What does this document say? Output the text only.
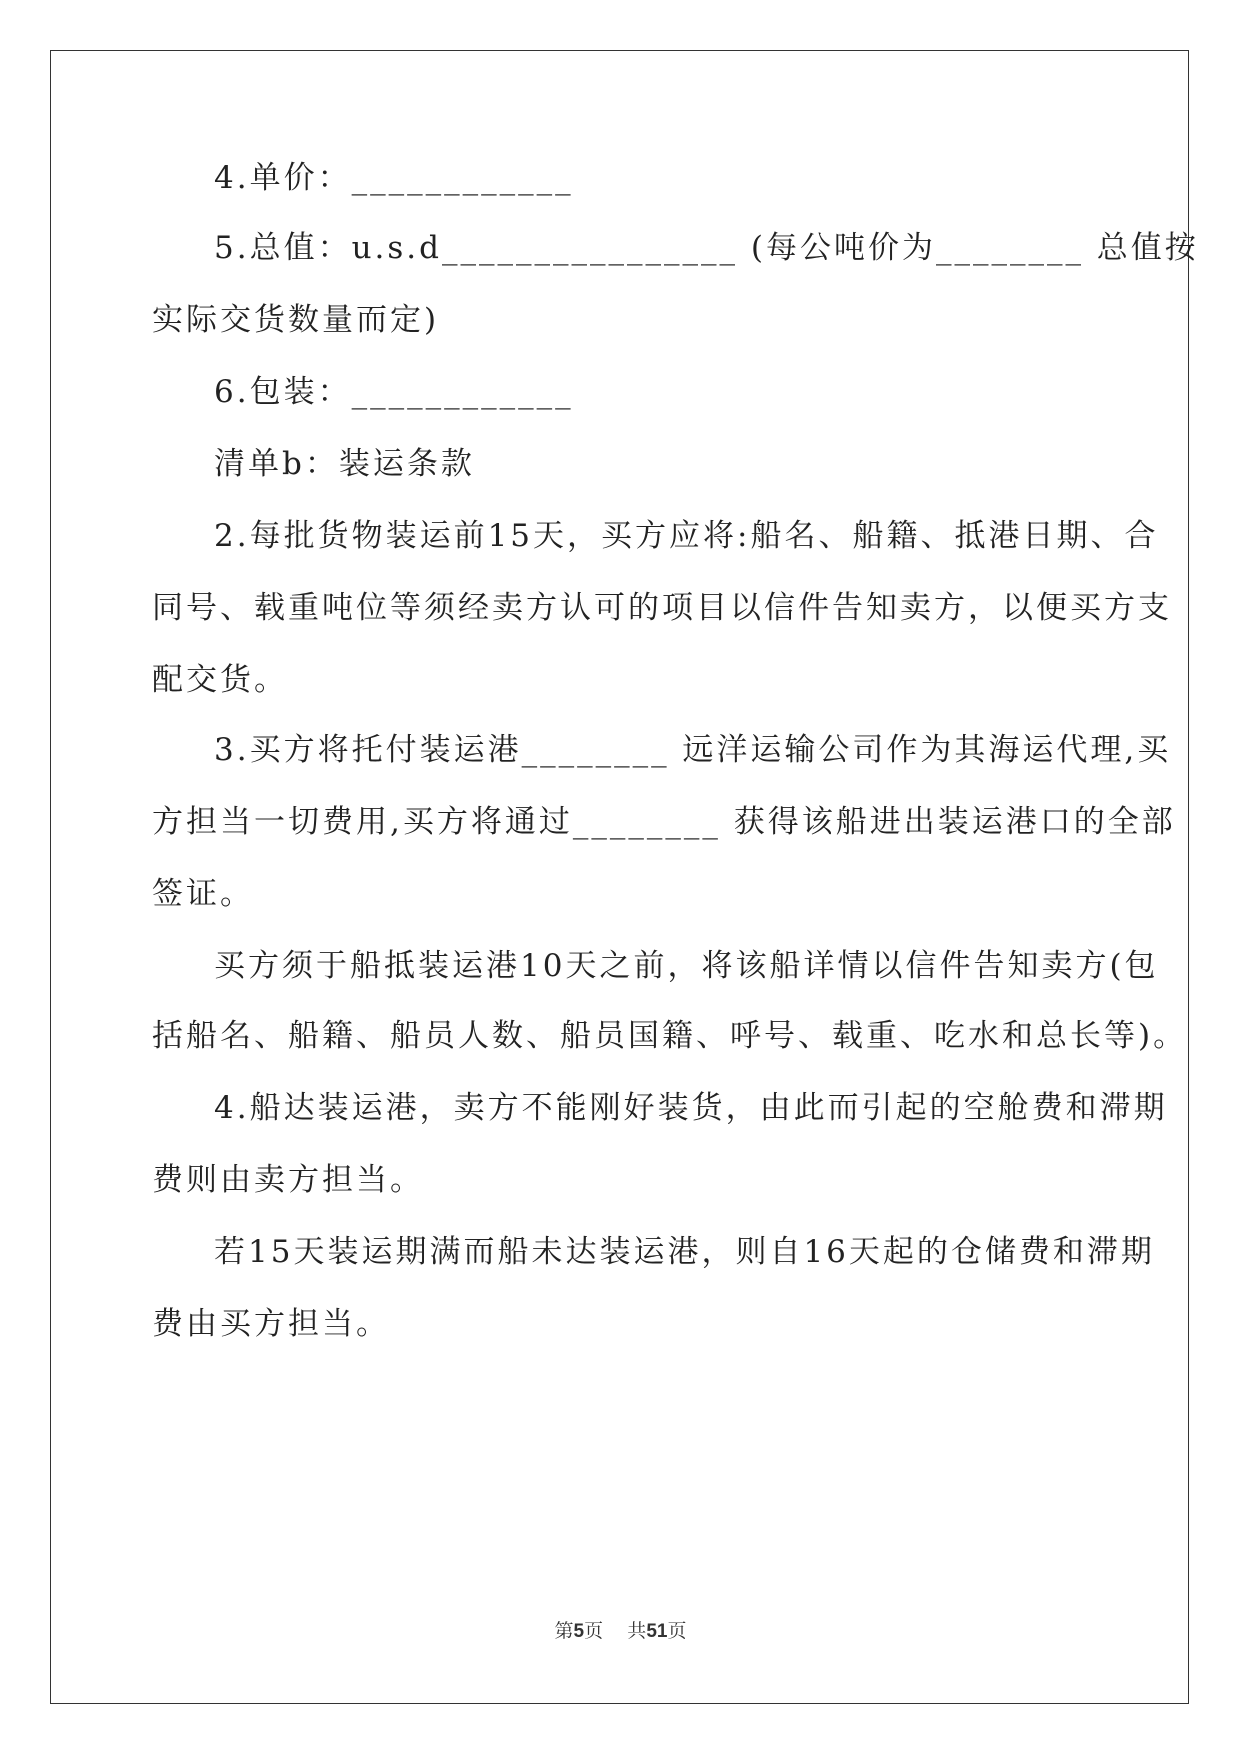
4.单价：____________
5.总值：u.s.d________________ (每公吨价为________ 总值按
实际交货数量而定)
6.包装：____________
清单b：装运条款
2.每批货物装运前15天，买方应将:船名、船籍、抵港日期、合
同号、载重吨位等须经卖方认可的项目以信件告知卖方，以便买方支
配交货。
3.买方将托付装运港________ 远洋运输公司作为其海运代理,买
方担当一切费用,买方将通过________ 获得该船进出装运港口的全部
签证。
买方须于船抵装运港10天之前，将该船详情以信件告知卖方(包
括船名、船籍、船员人数、船员国籍、呼号、载重、吃水和总长等)。
4.船达装运港，卖方不能刚好装货，由此而引起的空舱费和滞期
费则由卖方担当。
若15天装运期满而船未达装运港，则自16天起的仓储费和滞期
费由买方担当。
第5页 共51页
